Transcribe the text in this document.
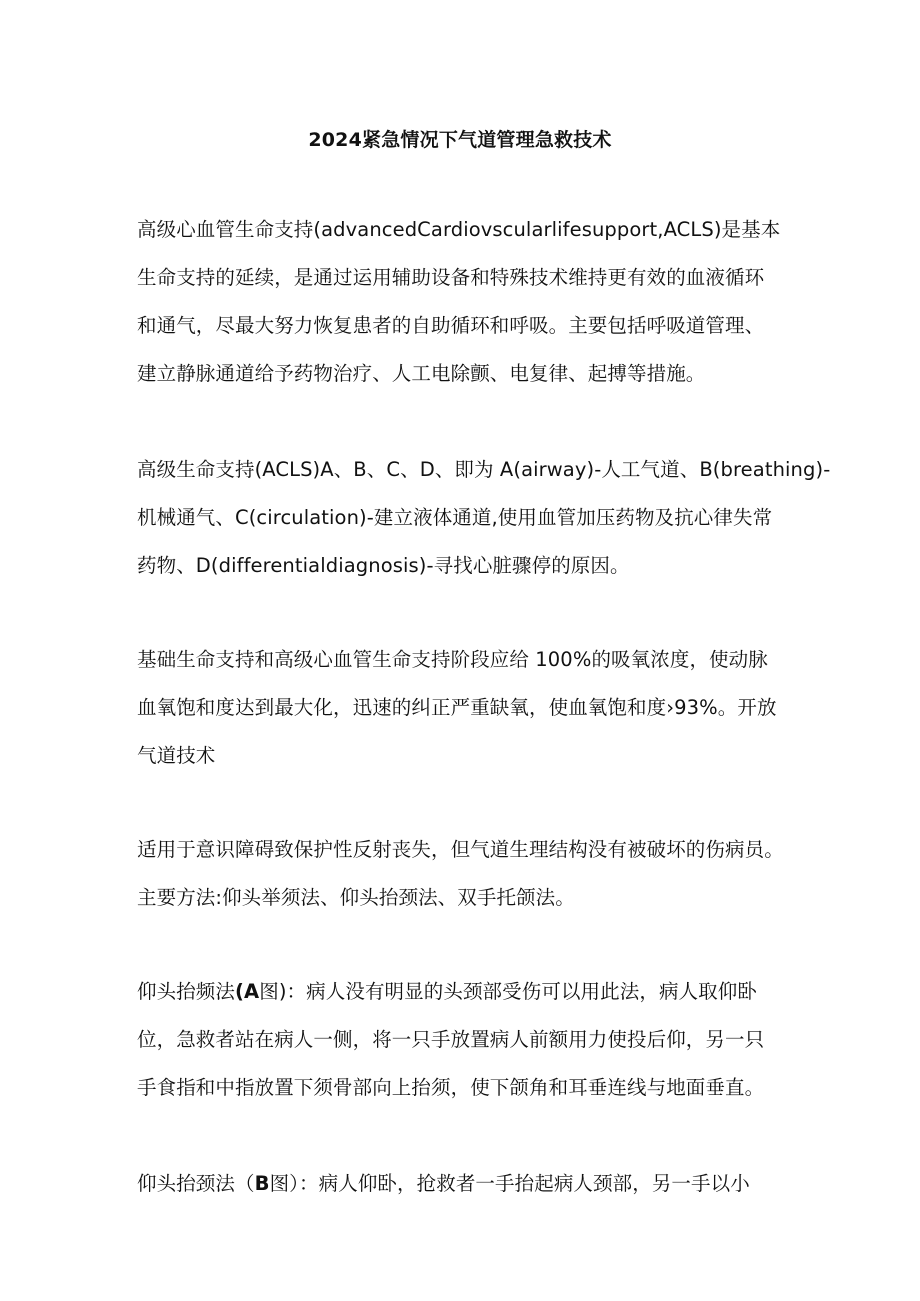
2024紧急情况下气道管理急救技术
高级心血管生命支持(advancedCardiovscularlifesupport,ACLS)是基本
生命支持的延续，是通过运用辅助设备和特殊技术维持更有效的血液循环
和通气，尽最大努力恢复患者的自助循环和呼吸。主要包括呼吸道管理、
建立静脉通道给予药物治疗、人工电除颤、电复律、起搏等措施。
高级生命支持(ACLS)A、B、C、D、即为 A(airway)-人工气道、B(breathing)-
机械通气、C(circulation)-建立液体通道,使用血管加压药物及抗心律失常
药物、D(differentialdiagnosis)-寻找心脏骤停的原因。
基础生命支持和高级心血管生命支持阶段应给 100%的吸氧浓度，使动脉
血氧饱和度达到最大化，迅速的纠正严重缺氧，使血氧饱和度›93%。开放
气道技术
适用于意识障碍致保护性反射丧失，但气道生理结构没有被破坏的伤病员。
主要方法:仰头举须法、仰头抬颈法、双手托颌法。
仰头抬频法(A图)：病人没有明显的头颈部受伤可以用此法，病人取仰卧
位，急救者站在病人一侧，将一只手放置病人前额用力使投后仰，另一只
手食指和中指放置下须骨部向上抬须，使下颌角和耳垂连线与地面垂直。
仰头抬颈法（B图）：病人仰卧，抢救者一手抬起病人颈部，另一手以小
